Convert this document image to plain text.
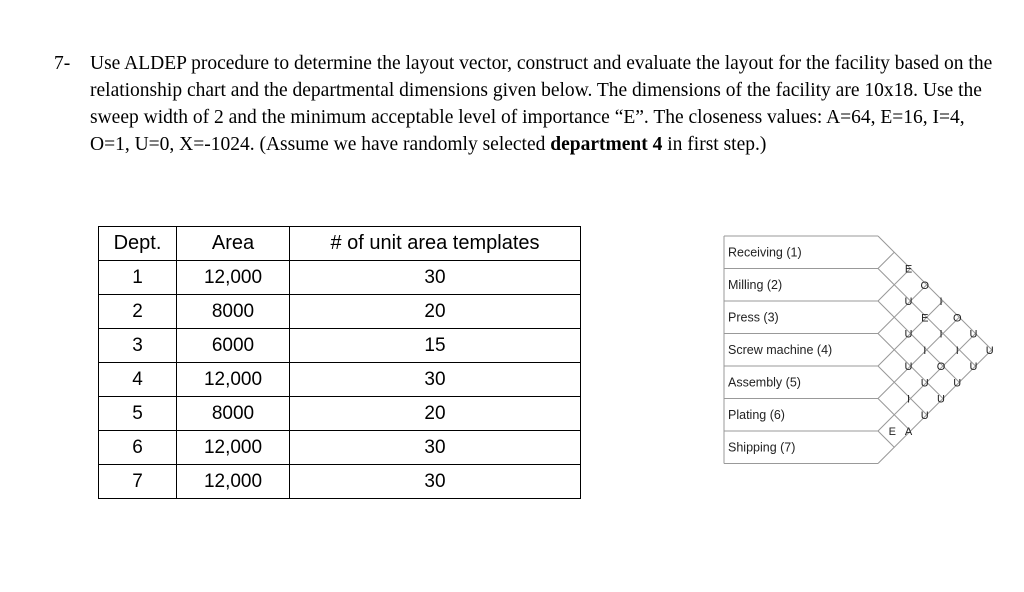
7- Use ALDEP procedure to determine the layout vector, construct and evaluate the layout for the facility based on the relationship chart and the departmental dimensions given below. The dimensions of the facility are 10x18. Use the sweep width of 2 and the minimum acceptable level of importance “E”. The closeness values: A=64, E=16, I=4, O=1, U=0, X=-1024. (Assume we have randomly selected department 4 in first step.)
Dept.	Area	# of unit area templates
1	12,000	30
2	8000	20
3	6000	15
4	12,000	30
5	8000	20
6	12,000	30
7	12,000	30
Receiving (1)
Milling (2)
Press (3)
Screw machine (4)
Assembly (5)
Plating (6)
Shipping (7)
E
O
I
O
U
U
U
E
I
I
U
U
I
O
U
U
U
U
I
U
A
E
